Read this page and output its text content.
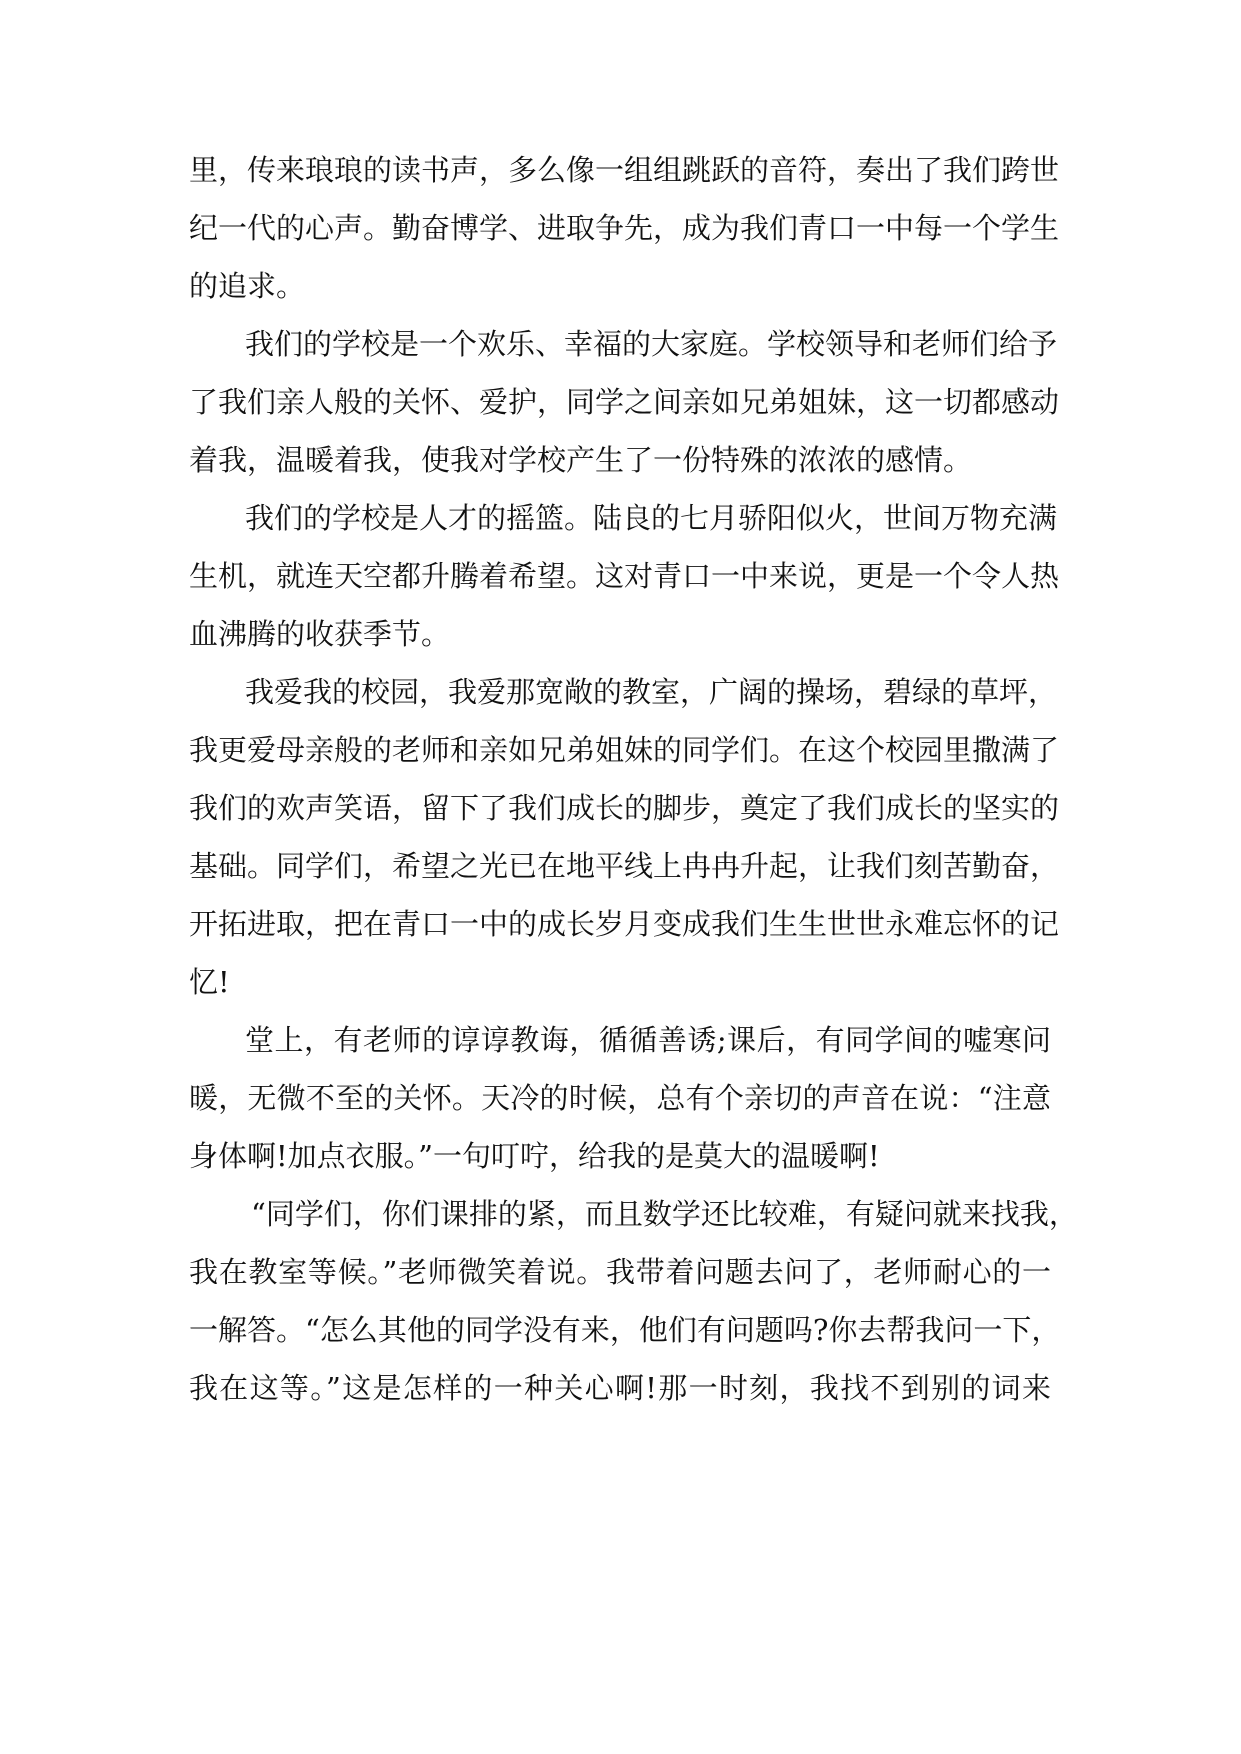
里，传来琅琅的读书声，多么像一组组跳跃的音符，奏出了我们跨世
纪一代的心声。勤奋博学、进取争先，成为我们青口一中每一个学生
的追求。
我们的学校是一个欢乐、幸福的大家庭。学校领导和老师们给予
了我们亲人般的关怀、爱护，同学之间亲如兄弟姐妹，这一切都感动
着我，温暖着我，使我对学校产生了一份特殊的浓浓的感情。
我们的学校是人才的摇篮。陆良的七月骄阳似火，世间万物充满
生机，就连天空都升腾着希望。这对青口一中来说，更是一个令人热
血沸腾的收获季节。
我爱我的校园，我爱那宽敞的教室，广阔的操场，碧绿的草坪，
我更爱母亲般的老师和亲如兄弟姐妹的同学们。在这个校园里撒满了
我们的欢声笑语，留下了我们成长的脚步，奠定了我们成长的坚实的
基础。同学们，希望之光已在地平线上冉冉升起，让我们刻苦勤奋，
开拓进取，把在青口一中的成长岁月变成我们生生世世永难忘怀的记
忆!
堂上，有老师的谆谆教诲，循循善诱;课后，有同学间的嘘寒问
暖，无微不至的关怀。天冷的时候，总有个亲切的声音在说：“注意
身体啊!加点衣服。”一句叮咛，给我的是莫大的温暖啊!
“同学们，你们课排的紧，而且数学还比较难，有疑问就来找我，
我在教室等候。”老师微笑着说。我带着问题去问了，老师耐心的一
一解答。“怎么其他的同学没有来，他们有问题吗?你去帮我问一下，
我在这等。”这是怎样的一种关心啊!那一时刻，我找不到别的词来
